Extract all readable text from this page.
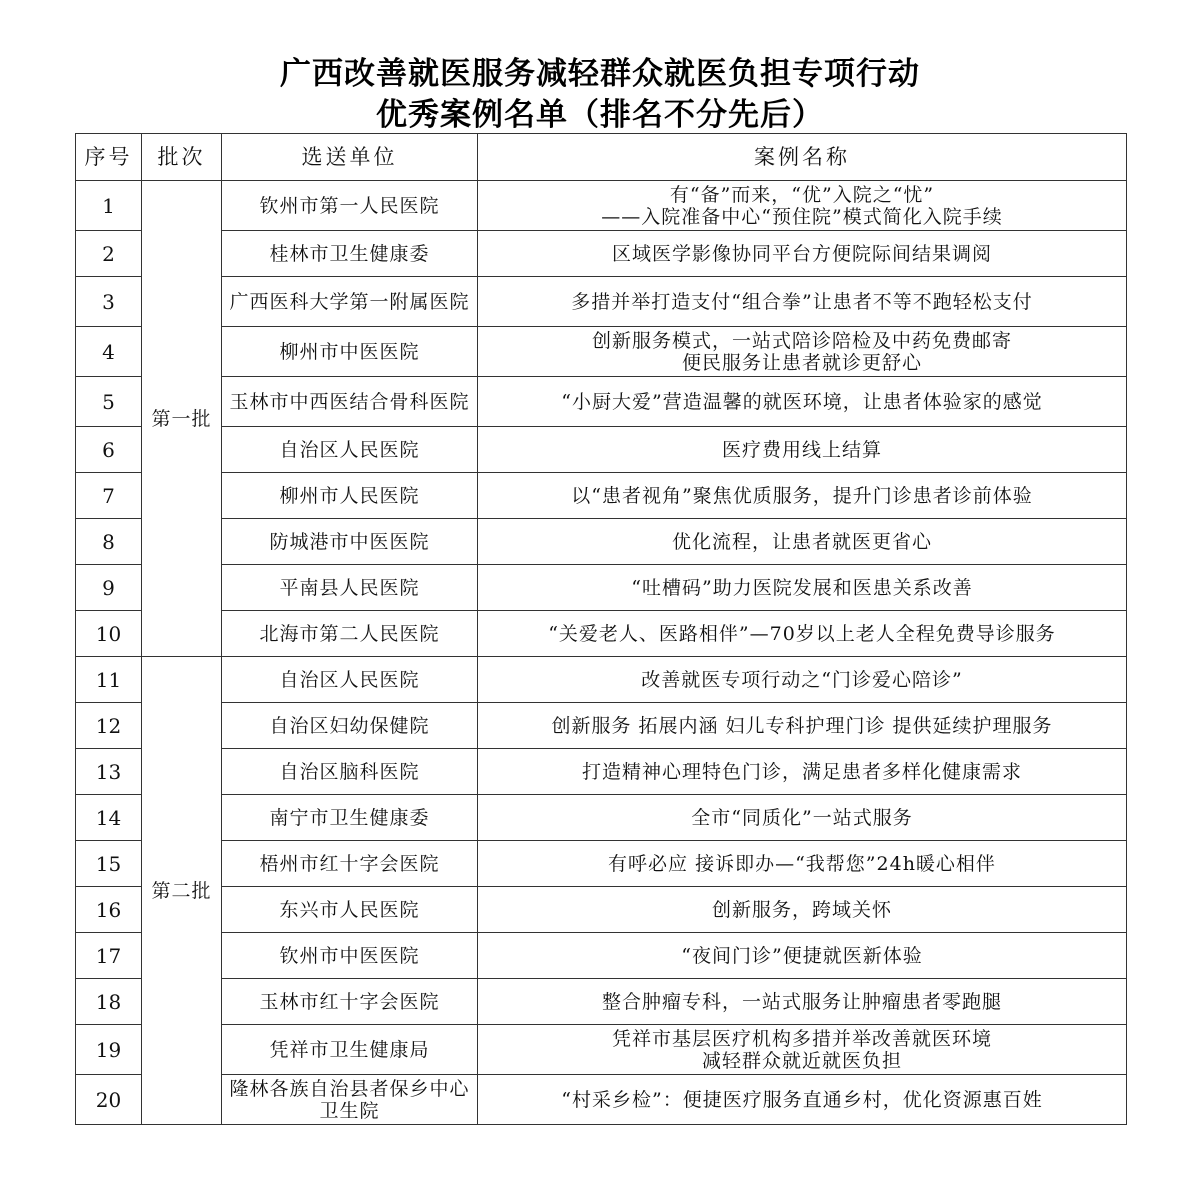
广西改善就医服务减轻群众就医负担专项行动
优秀案例名单（排名不分先后）
序号	批次	选送单位	案例名称
1	第一批	钦州市第一人民医院	有“备”而来，“优”入院之“忧”
——入院准备中心“预住院”模式简化入院手续

2		桂林市卫生健康委	区域医学影像协同平台方便院际间结果调阅

3		广西医科大学第一附属医院	多措并举打造支付“组合拳”让患者不等不跑轻松支付

4		柳州市中医医院	创新服务模式，一站式陪诊陪检及中药免费邮寄
便民服务让患者就诊更舒心

5		玉林市中西医结合骨科医院	“小厨大爱”营造温馨的就医环境，让患者体验家的感觉

6		自治区人民医院	医疗费用线上结算

7		柳州市人民医院	以“患者视角”聚焦优质服务，提升门诊患者诊前体验

8		防城港市中医医院	优化流程，让患者就医更省心

9		平南县人民医院	“吐槽码”助力医院发展和医患关系改善

10		北海市第二人民医院	“关爱老人、医路相伴”—70岁以上老人全程免费导诊服务

11	第二批	自治区人民医院	改善就医专项行动之“门诊爱心陪诊”

12		自治区妇幼保健院	创新服务 拓展内涵 妇儿专科护理门诊 提供延续护理服务

13		自治区脑科医院	打造精神心理特色门诊，满足患者多样化健康需求

14		南宁市卫生健康委	全市“同质化”一站式服务

15		梧州市红十字会医院	有呼必应 接诉即办—“我帮您”24h暖心相伴

16		东兴市人民医院	创新服务，跨域关怀

17		钦州市中医医院	“夜间门诊”便捷就医新体验

18		玉林市红十字会医院	整合肿瘤专科，一站式服务让肿瘤患者零跑腿

19		凭祥市卫生健康局	凭祥市基层医疗机构多措并举改善就医环境
减轻群众就近就医负担

20		隆林各族自治县者保乡中心卫生院	“村采乡检”：便捷医疗服务直通乡村，优化资源惠百姓
